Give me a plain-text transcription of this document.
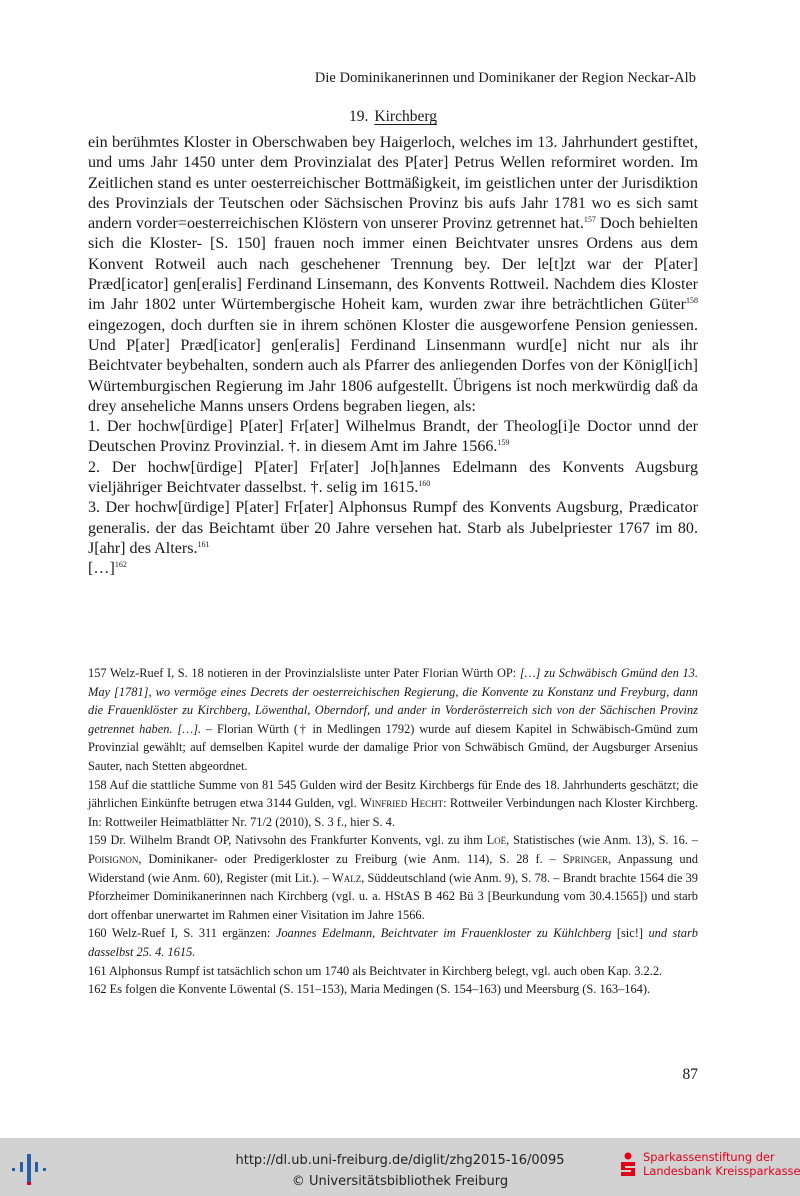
Die Dominikanerinnen und Dominikaner der Region Neckar-Alb
19. Kirchberg

ein berühmtes Kloster in Oberschwaben bey Haigerloch, welches im 13. Jahrhundert gestiftet, und ums Jahr 1450 unter dem Provinzialat des P[ater] Petrus Wellen reformiret worden. Im Zeitlichen stand es unter oesterreichischer Bottmäßigkeit, im geistlichen unter der Jurisdiktion des Provinzials der Teutschen oder Sächsischen Provinz bis aufs Jahr 1781 wo es sich samt andern vorder=oesterreichischen Klöstern von unserer Provinz getrennet hat.$^{157}$ Doch behielten sich die Kloster- [S. 150] frauen noch immer einen Beichtvater unsres Ordens aus dem Konvent Rotweil auch nach geschehener Trennung bey. Der le[t]zt war der P[ater] Præd[icator] gen[eralis] Ferdinand Linsemann, des Konvents Rottweil. Nachdem dies Kloster im Jahr 1802 unter Würtembergische Hoheit kam, wurden zwar ihre beträchtlichen Güter$^{158}$ eingezogen, doch durften sie in ihrem schönen Kloster die ausgeworfene Pension geniessen. Und P[ater] Præd[icator] gen[eralis] Ferdinand Linsenmann wurd[e] nicht nur als ihr Beichtvater beybehalten, sondern auch als Pfarrer des anliegenden Dorfes von der Königl[ich] Würtemburgischen Regierung im Jahr 1806 aufgestellt. Übrigens ist noch merkwürdig daß da drey anseheliche Manns unsers Ordens begraben liegen, als:

1. Der hochw[ürdige] P[ater] Fr[ater] Wilhelmus Brandt, der Theolog[i]e Doctor unnd der Deutschen Provinz Provinzial. †. in diesem Amt im Jahre 1566.$^{159}$

2. Der hochw[ürdige] P[ater] Fr[ater] Jo[h]annes Edelmann des Konvents Augsburg vieljähriger Beichtvater dasselbst. †. selig im 1615.$^{160}$

3. Der hochw[ürdige] P[ater] Fr[ater] Alphonsus Rumpf des Konvents Augsburg, Prædicator generalis. der das Beichtamt über 20 Jahre versehen hat. Starb als Jubelpriester 1767 im 80. J[ahr] des Alters.$^{161}$

[…]$^{162}$

157 Welz-Ruef I, S. 18 notieren in der Provinzialsliste unter Pater Florian Würth OP: […] zu Schwäbisch Gmünd den 13. May [1781], wo vermöge eines Decrets der oesterreichischen Regierung, die Konvente zu Konstanz und Freyburg, dann die Frauenklöster zu Kirchberg, Löwenthal, Oberndorf, und ander in Vorderösterreich sich von der Sächischen Provinz getrennet haben. […]. – Florian Würth († in Medlingen 1792) wurde auf diesem Kapitel in Schwäbisch-Gmünd zum Provinzial gewählt; auf demselben Kapitel wurde der damalige Prior von Schwäbisch Gmünd, der Augsburger Arsenius Sauter, nach Stetten abgeordnet.

158 Auf die stattliche Summe von 81 545 Gulden wird der Besitz Kirchbergs für Ende des 18. Jahrhunderts geschätzt; die jährlichen Einkünfte betrugen etwa 3144 Gulden, vgl. Winfried Hecht: Rottweiler Verbindungen nach Kloster Kirchberg. In: Rottweiler Heimatblätter Nr. 71/2 (2010), S. 3 f., hier S. 4.

159 Dr. Wilhelm Brandt OP, Nativsohn des Frankfurter Konvents, vgl. zu ihm Loë, Statistisches (wie Anm. 13), S. 16. – Poisignon, Dominikaner- oder Predigerkloster zu Freiburg (wie Anm. 114), S. 28 f. – Springer, Anpassung und Widerstand (wie Anm. 60), Register (mit Lit.). – Walz, Süddeutschland (wie Anm. 9), S. 78. – Brandt brachte 1564 die 39 Pforzheimer Dominikanerinnen nach Kirchberg (vgl. u. a. HStAS B 462 Bü 3 [Beurkundung vom 30.4.1565]) und starb dort offenbar unerwartet im Rahmen einer Visitation im Jahre 1566.

160 Welz-Ruef I, S. 311 ergänzen: Joannes Edelmann, Beichtvater im Frauenkloster zu Kühlchberg [sic!] und starb dasselbst 25. 4. 1615.

161 Alphonsus Rumpf ist tatsächlich schon um 1740 als Beichtvater in Kirchberg belegt, vgl. auch oben Kap. 3.2.2.

162 Es folgen die Konvente Löwental (S. 151–153), Maria Medingen (S. 154–163) und Meersburg (S. 163–164).

87
http://dl.ub.uni-freiburg.de/diglit/zhg2015-16/0095
© Universitätsbibliothek Freiburg
Sparkassenstiftung der
Landesbank Kreissparkasse
